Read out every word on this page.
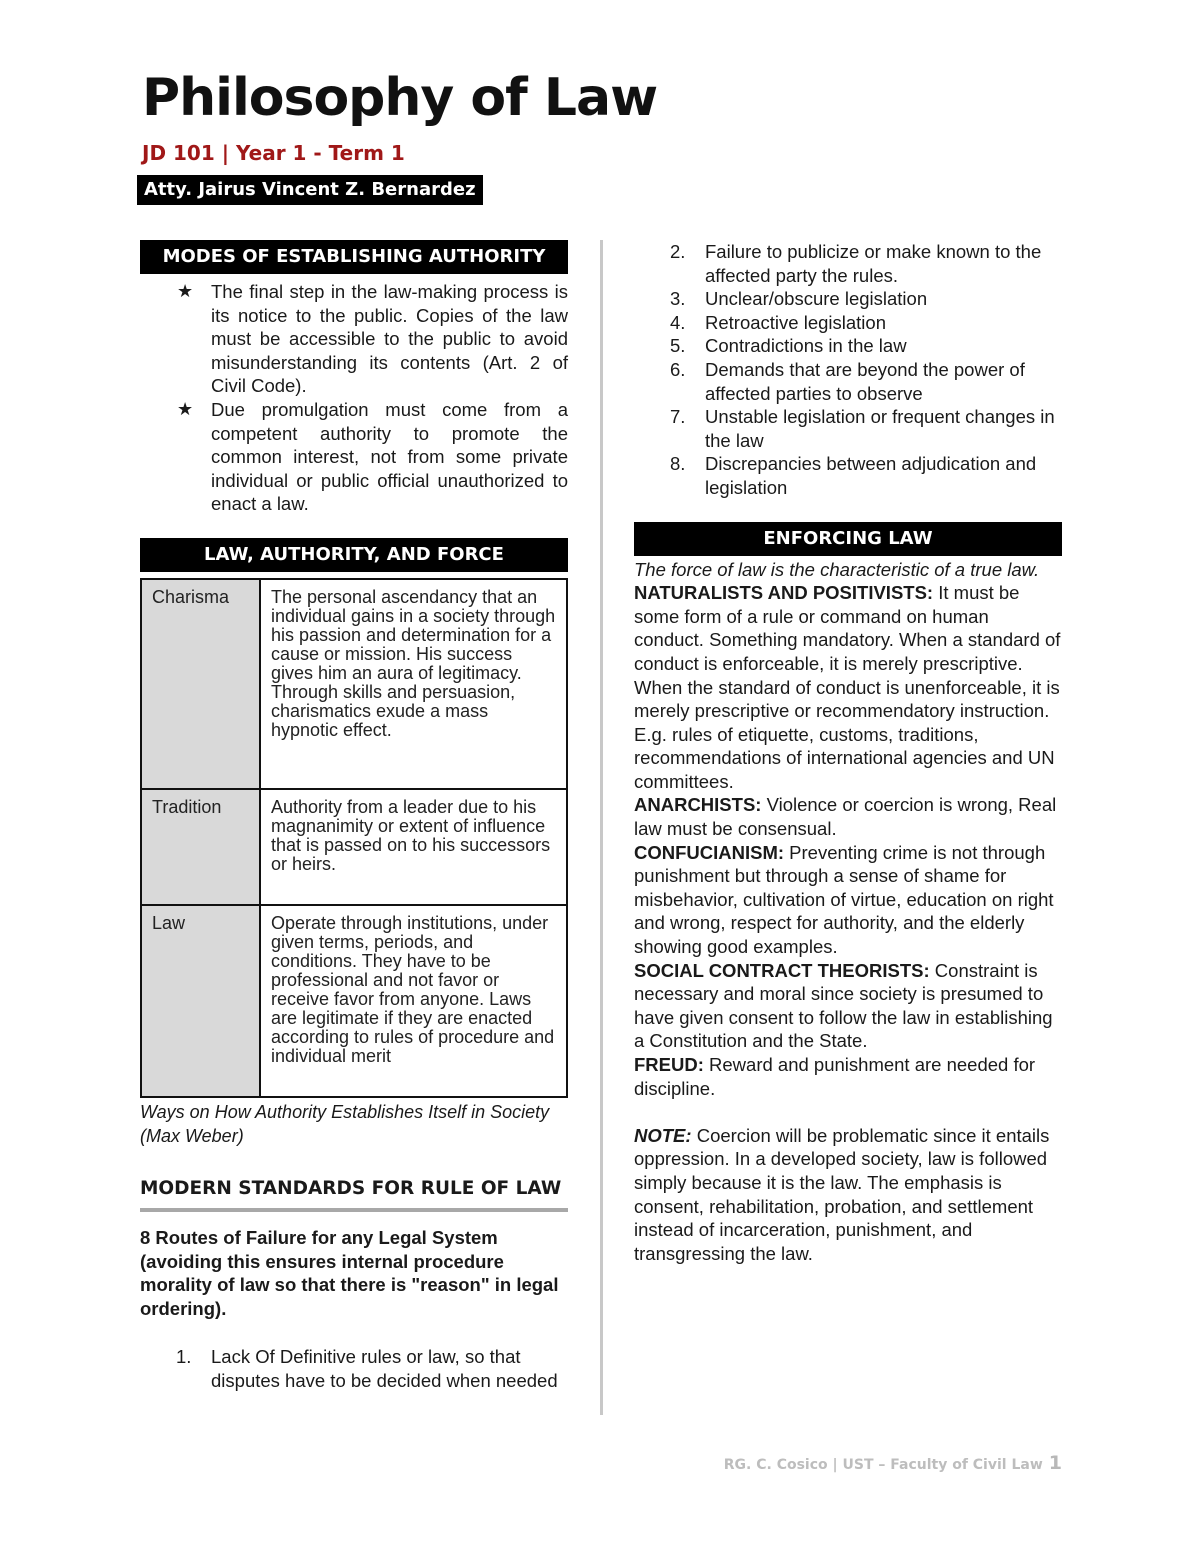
Philosophy of Law
JD 101 | Year 1 - Term 1
Atty. Jairus Vincent Z. Bernardez
MODES OF ESTABLISHING AUTHORITY
★ The final step in the law-making process is its notice to the public. Copies of the law must be accessible to the public to avoid misunderstanding its contents (Art. 2 of Civil Code).
★ Due promulgation must come from a competent authority to promote the common interest, not from some private individual or public official unauthorized to enact a law.
LAW, AUTHORITY, AND FORCE
Charisma	The personal ascendancy that an individual gains in a society through his passion and determination for a cause or mission. His success gives him an aura of legitimacy. Through skills and persuasion, charismatics exude a mass hypnotic effect.
Tradition	Authority from a leader due to his magnanimity or extent of influence that is passed on to his successors or heirs.
Law	Operate through institutions, under given terms, periods, and conditions. They have to be professional and not favor or receive favor from anyone. Laws are legitimate if they are enacted according to rules of procedure and individual merit
Ways on How Authority Establishes Itself in Society (Max Weber)
MODERN STANDARDS FOR RULE OF LAW
8 Routes of Failure for any Legal System (avoiding this ensures internal procedure morality of law so that there is "reason" in legal ordering).
1. Lack Of Definitive rules or law, so that disputes have to be decided when needed
2. Failure to publicize or make known to the affected party the rules.
3. Unclear/obscure legislation
4. Retroactive legislation
5. Contradictions in the law
6. Demands that are beyond the power of affected parties to observe
7. Unstable legislation or frequent changes in the law
8. Discrepancies between adjudication and legislation
ENFORCING LAW

The force of law is the characteristic of a true law.

NATURALISTS AND POSITIVISTS: It must be some form of a rule or command on human conduct. Something mandatory. When a standard of conduct is enforceable, it is merely prescriptive. When the standard of conduct is unenforceable, it is merely prescriptive or recommendatory instruction. E.g. rules of etiquette, customs, traditions, recommendations of international agencies and UN committees.

ANARCHISTS: Violence or coercion is wrong, Real law must be consensual.

CONFUCIANISM: Preventing crime is not through punishment but through a sense of shame for misbehavior, cultivation of virtue, education on right and wrong, respect for authority, and the elderly showing good examples.

SOCIAL CONTRACT THEORISTS: Constraint is necessary and moral since society is presumed to have given consent to follow the law in establishing a Constitution and the State.

FREUD: Reward and punishment are needed for discipline.

NOTE: Coercion will be problematic since it entails oppression. In a developed society, law is followed simply because it is the law. The emphasis is consent, rehabilitation, probation, and settlement instead of incarceration, punishment, and transgressing the law.

RG. C. Cosico | UST – Faculty of Civil Law 1
